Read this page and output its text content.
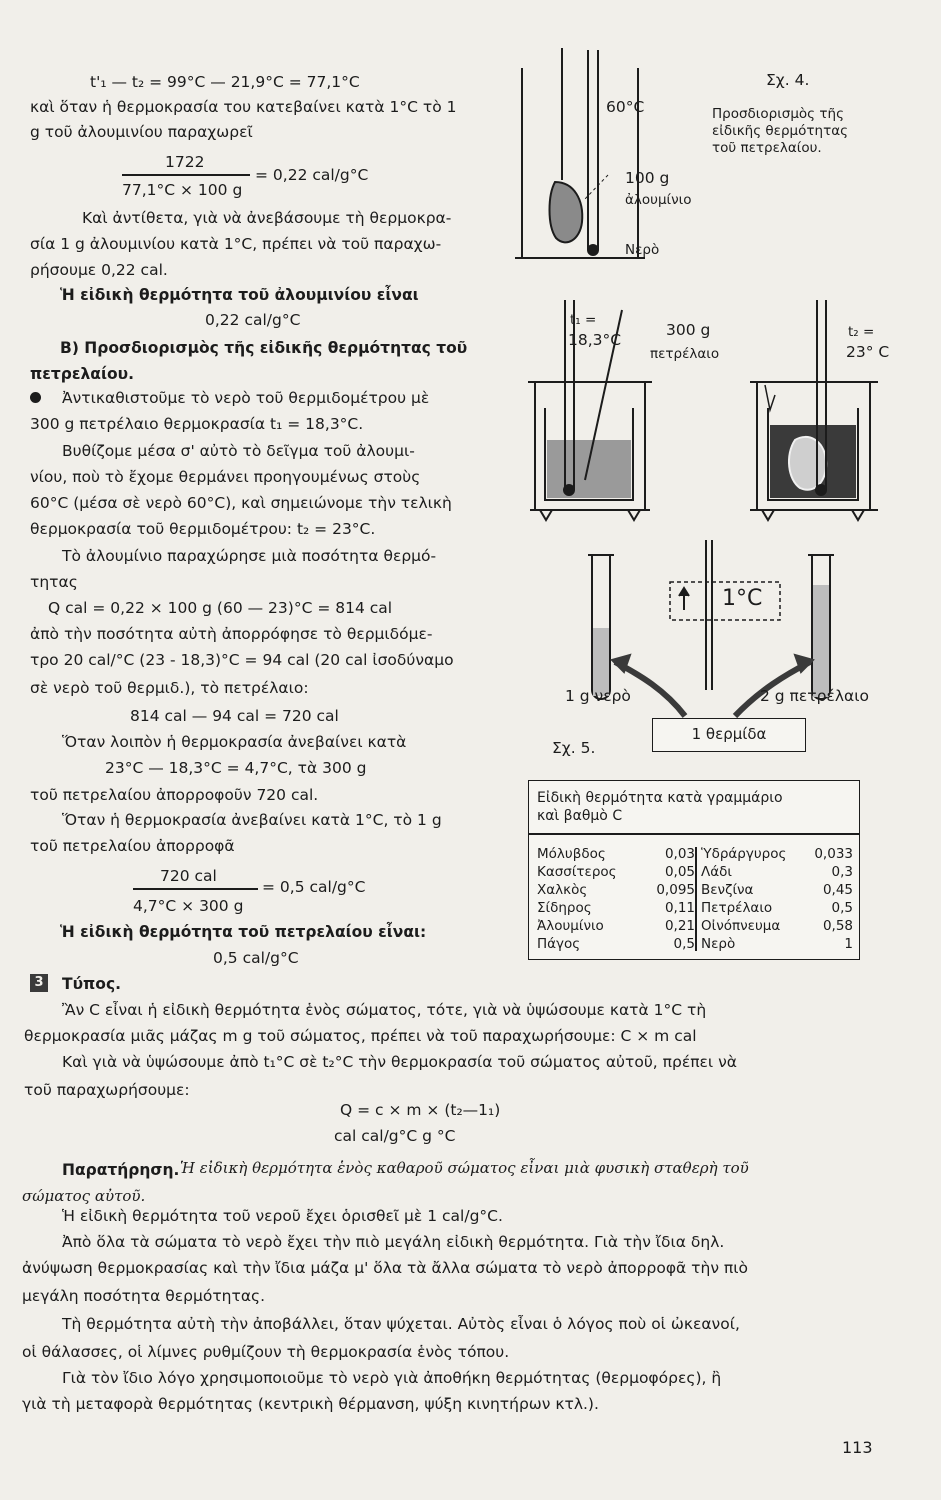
t'₁ — t₂ = 99°C — 21,9°C = 77,1°C
καὶ ὅταν ἡ θερμοκρασία του κατεβαίνει κατὰ 1°C τὸ 1
g τοῦ ἀλουμινίου παραχωρεῖ
1722
77,1°C × 100 g
= 0,22 cal/g°C
Καὶ ἀντίθετα, γιὰ νὰ ἀνεβάσουμε τὴ θερμοκρα-
σία 1 g ἀλουμινίου κατὰ 1°C, πρέπει νὰ τοῦ παραχω-
ρήσουμε 0,22 cal.
Ἡ εἰδικὴ θερμότητα τοῦ ἀλουμινίου εἶναι
0,22 cal/g°C
Β) Προσδιορισμὸς τῆς εἰδικῆς θερμότητας τοῦ
πετρελαίου.
Ἀντικαθιστοῦμε τὸ νερὸ τοῦ θερμιδομέτρου μὲ
300 g πετρέλαιο θερμοκρασία t₁ = 18,3°C.
Βυθίζομε μέσα σ' αὐτὸ τὸ δεῖγμα τοῦ ἀλουμι-
νίου, ποὺ τὸ ἔχομε θερμάνει προηγουμένως στοὺς
60°C (μέσα σὲ νερὸ 60°C), καὶ σημειώνομε τὴν τελικὴ
θερμοκρασία τοῦ θερμιδομέτρου: t₂ = 23°C.
Τὸ ἀλουμίνιο παραχώρησε μιὰ ποσότητα θερμό-
τητας
Q cal = 0,22 × 100 g (60 — 23)°C = 814 cal
ἀπὸ τὴν ποσότητα αὐτὴ ἀπορρόφησε τὸ θερμιδόμε-
τρο 20 cal/°C (23 - 18,3)°C = 94 cal (20 cal ἰσοδύναμο
σὲ νερὸ τοῦ θερμιδ.), τὸ πετρέλαιο:
814 cal — 94 cal = 720 cal
Ὅταν λοιπὸν ἡ θερμοκρασία ἀνεβαίνει κατὰ
23°C — 18,3°C = 4,7°C, τὰ 300 g
τοῦ πετρελαίου ἀπορροφοῦν 720 cal.
Ὅταν ἡ θερμοκρασία ἀνεβαίνει κατὰ 1°C, τὸ 1 g
τοῦ πετρελαίου ἀπορροφᾶ
720 cal
4,7°C × 300 g
= 0,5 cal/g°C
Ἡ εἰδικὴ θερμότητα τοῦ πετρελαίου εἶναι:
0,5 cal/g°C
Σχ. 4.
Προσδιορισμὸς τῆς
εἰδικῆς θερμότητας
τοῦ πετρελαίου.
60°C
100 g
ἀλουμίνιο
Νερὸ
t₁ =
18,3°C
300 g
πετρέλαιο
t₂ =
23° C
1°C
1 g νερὸ	2 g πετρέλαιο
1 θερμίδα
Σχ. 5.
Εἰδικὴ θερμότητα κατὰ γραμμάριο
καὶ βαθμὸ C
Μόλυβδος	0,03
Κασσίτερος	0,05
Χαλκὸς	0,095
Σίδηρος	0,11
Ἀλουμίνιο	0,21
Πάγος	0,5
Ὑδράργυρος 0,033
Λάδι	0,3
Βενζίνα	0,45
Πετρέλαιο	0,5
Οἰνόπνευμα	0,58
Νερὸ	1
3 Τύπος.
Ἂν C εἶναι ἡ εἰδικὴ θερμότητα ἑνὸς σώματος, τότε, γιὰ νὰ ὑψώσουμε κατὰ 1°C τὴ
θερμοκρασία μιᾶς μάζας m g τοῦ σώματος, πρέπει νὰ τοῦ παραχωρήσουμε: C × m cal
Καὶ γιὰ νὰ ὑψώσουμε ἀπὸ t₁°C σὲ t₂°C τὴν θερμοκρασία τοῦ σώματος αὐτοῦ, πρέπει νὰ
τοῦ παραχωρήσουμε:
Q = c × m × (t₂—1₁)
cal cal/g°C g °C
Παρατήρηση. Ἡ εἰδικὴ θερμότητα ἑνὸς καθαροῦ σώματος εἶναι μιὰ φυσικὴ σταθερὴ τοῦ
σώματος αὐτοῦ.
Ἡ εἰδικὴ θερμότητα τοῦ νεροῦ ἔχει ὁρισθεῖ μὲ 1 cal/g°C.
Ἀπὸ ὅλα τὰ σώματα τὸ νερὸ ἔχει τὴν πιὸ μεγάλη εἰδικὴ θερμότητα. Γιὰ τὴν ἴδια δηλ.
ἀνύψωση θερμοκρασίας καὶ τὴν ἴδια μάζα μ' ὅλα τὰ ἄλλα σώματα τὸ νερὸ ἀπορροφᾶ τὴν πιὸ
μεγάλη ποσότητα θερμότητας.
Τὴ θερμότητα αὐτὴ τὴν ἀποβάλλει, ὅταν ψύχεται. Αὐτὸς εἶναι ὁ λόγος ποὺ οἱ ὠκεανοί,
οἱ θάλασσες, οἱ λίμνες ρυθμίζουν τὴ θερμοκρασία ἑνὸς τόπου.
Γιὰ τὸν ἴδιο λόγο χρησιμοποιοῦμε τὸ νερὸ γιὰ ἀποθήκη θερμότητας (θερμοφόρες), ἢ
γιὰ τὴ μεταφορὰ θερμότητας (κεντρικὴ θέρμανση, ψύξη κινητήρων κτλ.).
113
